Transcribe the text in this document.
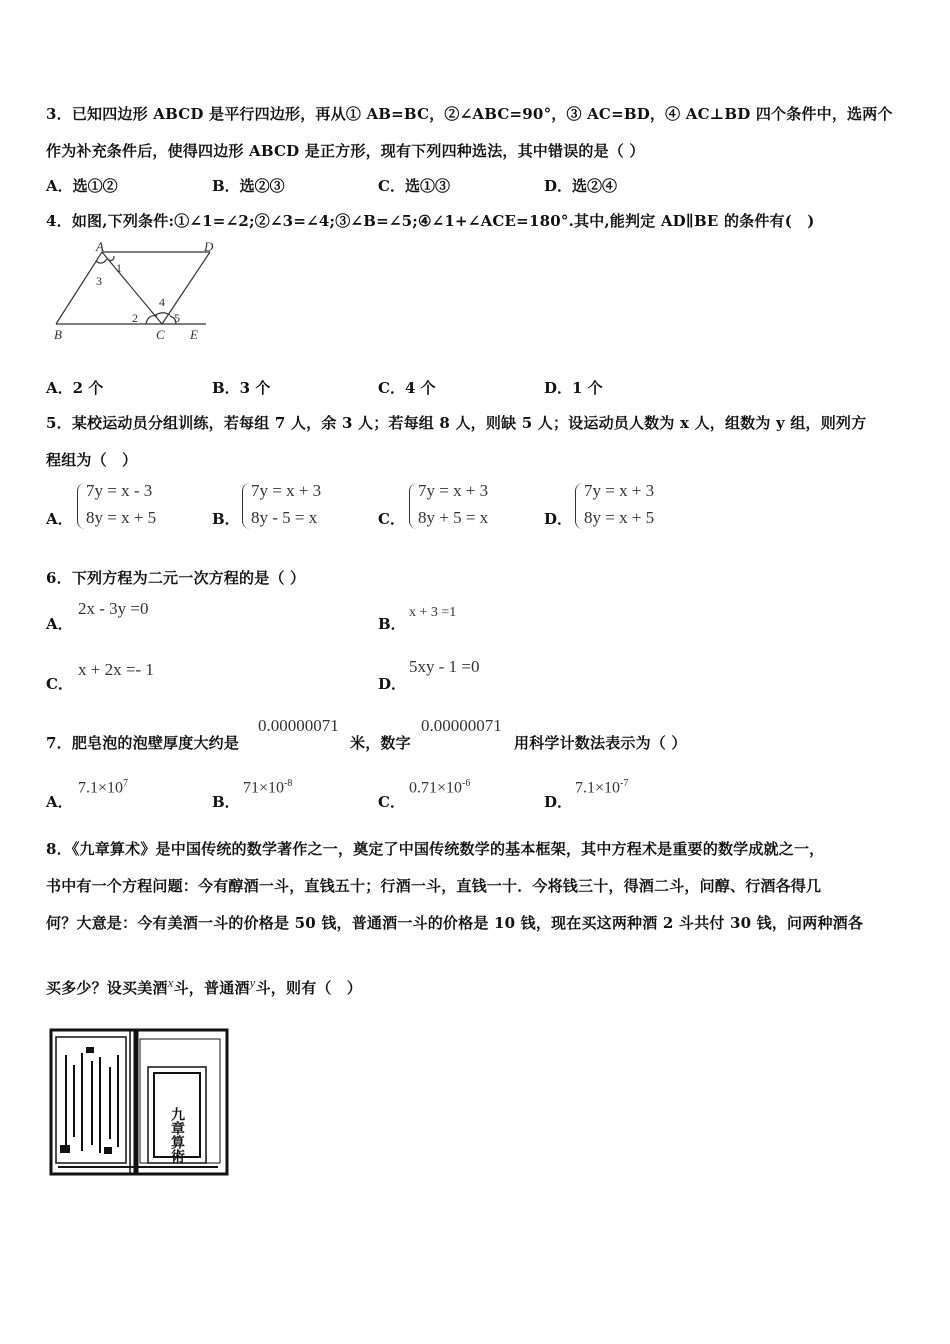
3．已知四边形 ABCD 是平行四边形，再从① AB=BC，②∠ABC=90°，③ AC=BD，④ AC⊥BD 四个条件中，选两个
作为补充条件后，使得四边形 ABCD 是正方形，现有下列四种选法，其中错误的是（ ）
A．选①②	B．选②③	C．选①③	D．选②④
4．如图,下列条件:①∠1=∠2;②∠3=∠4;③∠B=∠5;④∠1+∠ACE=180°.其中,能判定 AD∥BE 的条件有(　)
A	D
B	C E
1
3
2
4
5
A．2 个	B．3 个	C．4 个	D．1 个
5．某校运动员分组训练，若每组 7 人，余 3 人；若每组 8 人，则缺 5 人；设运动员人数为 x 人，组数为 y 组，则列方
程组为（　）
A．
7y = x - 3
8y = x + 5	B．
7y = x + 3
8y - 5 = x	C．
7y = x + 3
8y + 5 = x	D．
7y = x + 3
8y = x + 5
6．下列方程为二元一次方程的是（ ）
A．
2x - 3y =0
B．
x + 3 =1
C．
x + 2x =- 1
D．
5xy - 1 =0
7．肥皂泡的泡壁厚度大约是
0.00000071
米，数字
0.00000071
用科学计数法表示为（ ）
A．
$7.1\times 10^7$
B．
$71\times 10^{-8}$
C．
$0.71\times 10^{-6}$
D．
$7.1\times 10^{-7}$
8．《九章算术》是中国传统的数学著作之一，奠定了中国传统数学的基本框架，其中方程术是重要的数学成就之一，
书中有一个方程问题：今有醇酒一斗，直钱五十；行酒一斗，直钱一十．今将钱三十，得酒二斗，问醇、行酒各得几
何？大意是：今有美酒一斗的价格是 50 钱，普通酒一斗的价格是 10 钱，现在买这两种酒 2 斗共付 30 钱，问两种酒各
买多少？设买美酒x斗，普通酒y斗，则有（　）
九章算術
